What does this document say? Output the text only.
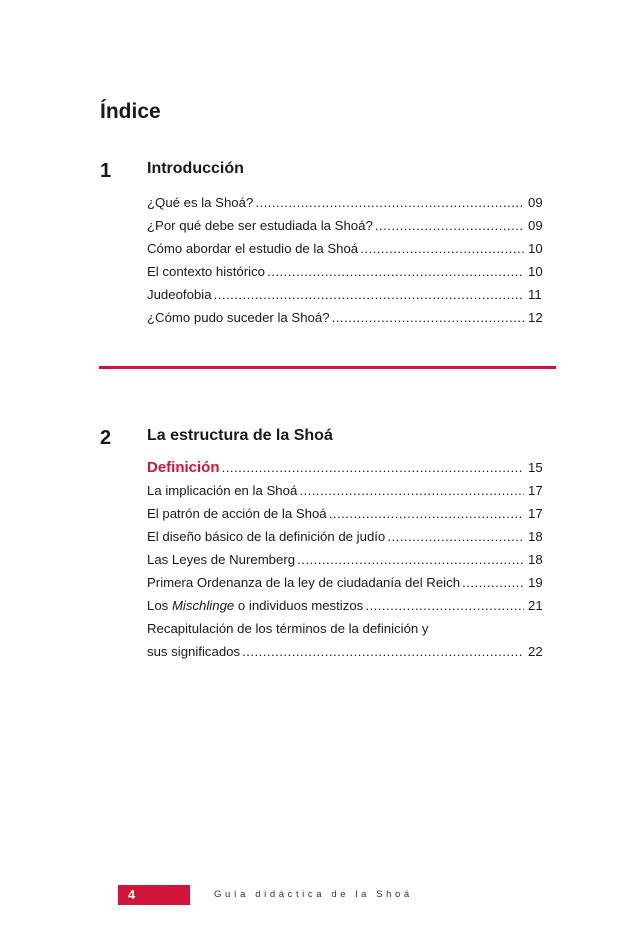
Índice
1 Introducción
¿Qué es la Shoá? . . .	09
¿Por qué debe ser estudiada la Shoá? . . .	09
Cómo abordar el estudio de la Shoá . . .	10
El contexto histórico . . .	10
Judeofobia . . .	11
¿Cómo pudo suceder la Shoá? . . .	12
2 La estructura de la Shoá
Definición . . .	15
La implicación en la Shoá . . .	17
El patrón de acción de la Shoá . . .	17
El diseño básico de la definición de judío . . .	18
Las Leyes de Nuremberg . . .	18
Primera Ordenanza de la ley de ciudadanía del Reich . . .	19
Los Mischlinge o individuos mestizos . . .	21
Recapitulación de los términos de la definición y
sus significados . . .	22
4	Guía didáctica de la Shoá
